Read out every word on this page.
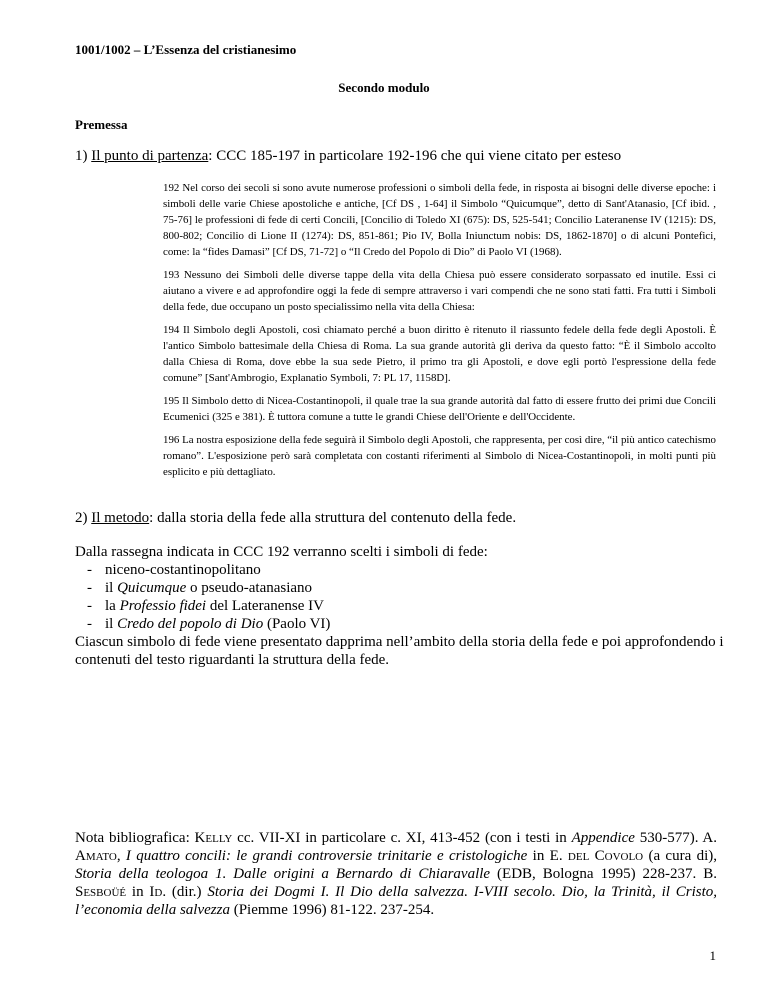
1001/1002 – L’Essenza del cristianesimo
Secondo modulo
Premessa
1) Il punto di partenza: CCC 185-197 in particolare 192-196 che qui viene citato per esteso

192 Nel corso dei secoli si sono avute numerose professioni o simboli della fede, in risposta ai bisogni delle diverse epoche: i simboli delle varie Chiese apostoliche e antiche, [Cf DS , 1-64] il Simbolo “Quicumque”, detto di Sant'Atanasio, [Cf ibid. , 75-76] le professioni di fede di certi Concili, [Concilio di Toledo XI (675): DS, 525-541; Concilio Lateranense IV (1215): DS, 800-802; Concilio di Lione II (1274): DS, 851-861; Pio IV, Bolla Iniunctum nobis: DS, 1862-1870] o di alcuni Pontefici, come: la “fides Damasi” [Cf DS, 71-72] o “Il Credo del Popolo di Dio” di Paolo VI (1968).

193 Nessuno dei Simboli delle diverse tappe della vita della Chiesa può essere considerato sorpassato ed inutile. Essi ci aiutano a vivere e ad approfondire oggi la fede di sempre attraverso i vari compendi che ne sono stati fatti. Fra tutti i Simboli della fede, due occupano un posto specialissimo nella vita della Chiesa:

194 Il Simbolo degli Apostoli, così chiamato perché a buon diritto è ritenuto il riassunto fedele della fede degli Apostoli. È l'antico Simbolo battesimale della Chiesa di Roma. La sua grande autorità gli deriva da questo fatto: “È il Simbolo accolto dalla Chiesa di Roma, dove ebbe la sua sede Pietro, il primo tra gli Apostoli, e dove egli portò l'espressione della fede comune” [Sant'Ambrogio, Explanatio Symboli, 7: PL 17, 1158D].

195 Il Simbolo detto di Nicea-Costantinopoli, il quale trae la sua grande autorità dal fatto di essere frutto dei primi due Concili Ecumenici (325 e 381). È tuttora comune a tutte le grandi Chiese dell'Oriente e dell'Occidente.

196 La nostra esposizione della fede seguirà il Simbolo degli Apostoli, che rappresenta, per così dire, “il più antico catechismo romano”. L'esposizione però sarà completata con costanti riferimenti al Simbolo di Nicea-Costantinopoli, in molti punti più esplicito e più dettagliato.

2) Il metodo: dalla storia della fede alla struttura del contenuto della fede.

Dalla rassegna indicata in CCC 192 verranno scelti i simboli di fede:

- niceno-costantinopolitano
- il Quicumque o pseudo-atanasiano
- la Professio fidei del Lateranense IV
- il Credo del popolo di Dio (Paolo VI)

Ciascun simbolo di fede viene presentato dapprima nell’ambito della storia della fede e poi approfondendo i contenuti del testo riguardanti la struttura della fede.

Nota bibliografica: Kelly cc. VII-XI in particolare c. XI, 413-452 (con i testi in Appendice 530-577). A. Amato, I quattro concili: le grandi controversie trinitarie e cristologiche in E. del Covolo (a cura di), Storia della teologoa 1. Dalle origini a Bernardo di Chiaravalle (EDB, Bologna 1995) 228-237. B. Sesboüé in Id. (dir.) Storia dei Dogmi I. Il Dio della salvezza. I-VIII secolo. Dio, la Trinità, il Cristo, l’economia della salvezza (Piemme 1996) 81-122. 237-254.
1
